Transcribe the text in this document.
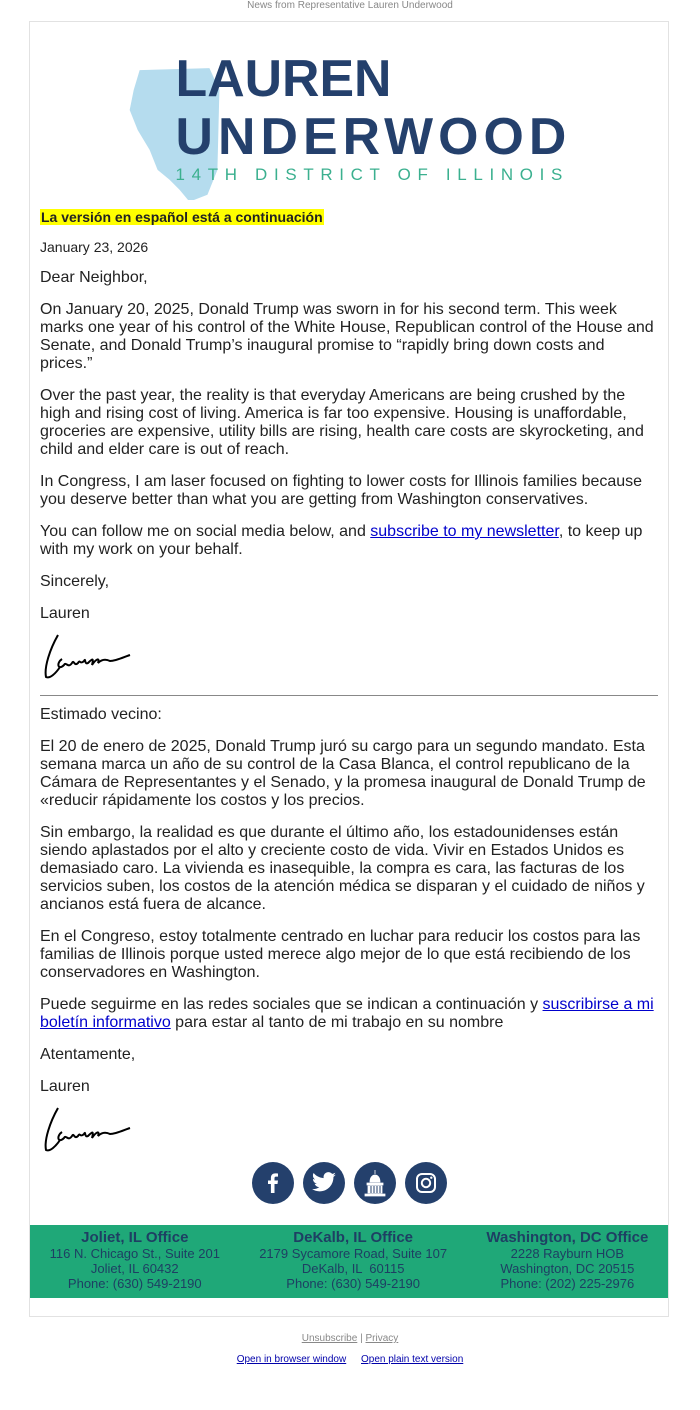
News from Representative Lauren Underwood
LAUREN
UNDERWOOD
14TH DISTRICT OF ILLINOIS
La versión en español está a continuación
January 23, 2026

Dear Neighbor,

On January 20, 2025, Donald Trump was sworn in for his second term. This week marks one year of his control of the White House, Republican control of the House and Senate, and Donald Trump’s inaugural promise to “rapidly bring down costs and prices.”

Over the past year, the reality is that everyday Americans are being crushed by the high and rising cost of living. America is far too expensive. Housing is unaffordable, groceries are expensive, utility bills are rising, health care costs are skyrocketing, and child and elder care is out of reach.

In Congress, I am laser focused on fighting to lower costs for Illinois families because you deserve better than what you are getting from Washington conservatives.

You can follow me on social media below, and subscribe to my newsletter, to keep up with my work on your behalf.

Sincerely,

Lauren

Estimado vecino:

El 20 de enero de 2025, Donald Trump juró su cargo para un segundo mandato. Esta semana marca un año de su control de la Casa Blanca, el control republicano de la Cámara de Representantes y el Senado, y la promesa inaugural de Donald Trump de «reducir rápidamente los costos y los precios.

Sin embargo, la realidad es que durante el último año, los estadounidenses están siendo aplastados por el alto y creciente costo de vida. Vivir en Estados Unidos es demasiado caro. La vivienda es inasequible, la compra es cara, las facturas de los servicios suben, los costos de la atención médica se disparan y el cuidado de niños y ancianos está fuera de alcance.

En el Congreso, estoy totalmente centrado en luchar para reducir los costos para las familias de Illinois porque usted merece algo mejor de lo que está recibiendo de los conservadores en Washington.

Puede seguirme en las redes sociales que se indican a continuación y suscribirse a mi boletín informativo para estar al tanto de mi trabajo en su nombre

Atentamente,

Lauren

Joliet, IL Office
116 N. Chicago St., Suite 201
Joliet, IL 60432
Phone: (630) 549-2190
DeKalb, IL Office
2179 Sycamore Road, Suite 107
DeKalb, IL  60115
Phone: (630) 549-2190
Washington, DC Office
2228 Rayburn HOB
Washington, DC 20515
Phone: (202) 225-2976
Unsubscribe | Privacy
Open in browser window Open plain text version
